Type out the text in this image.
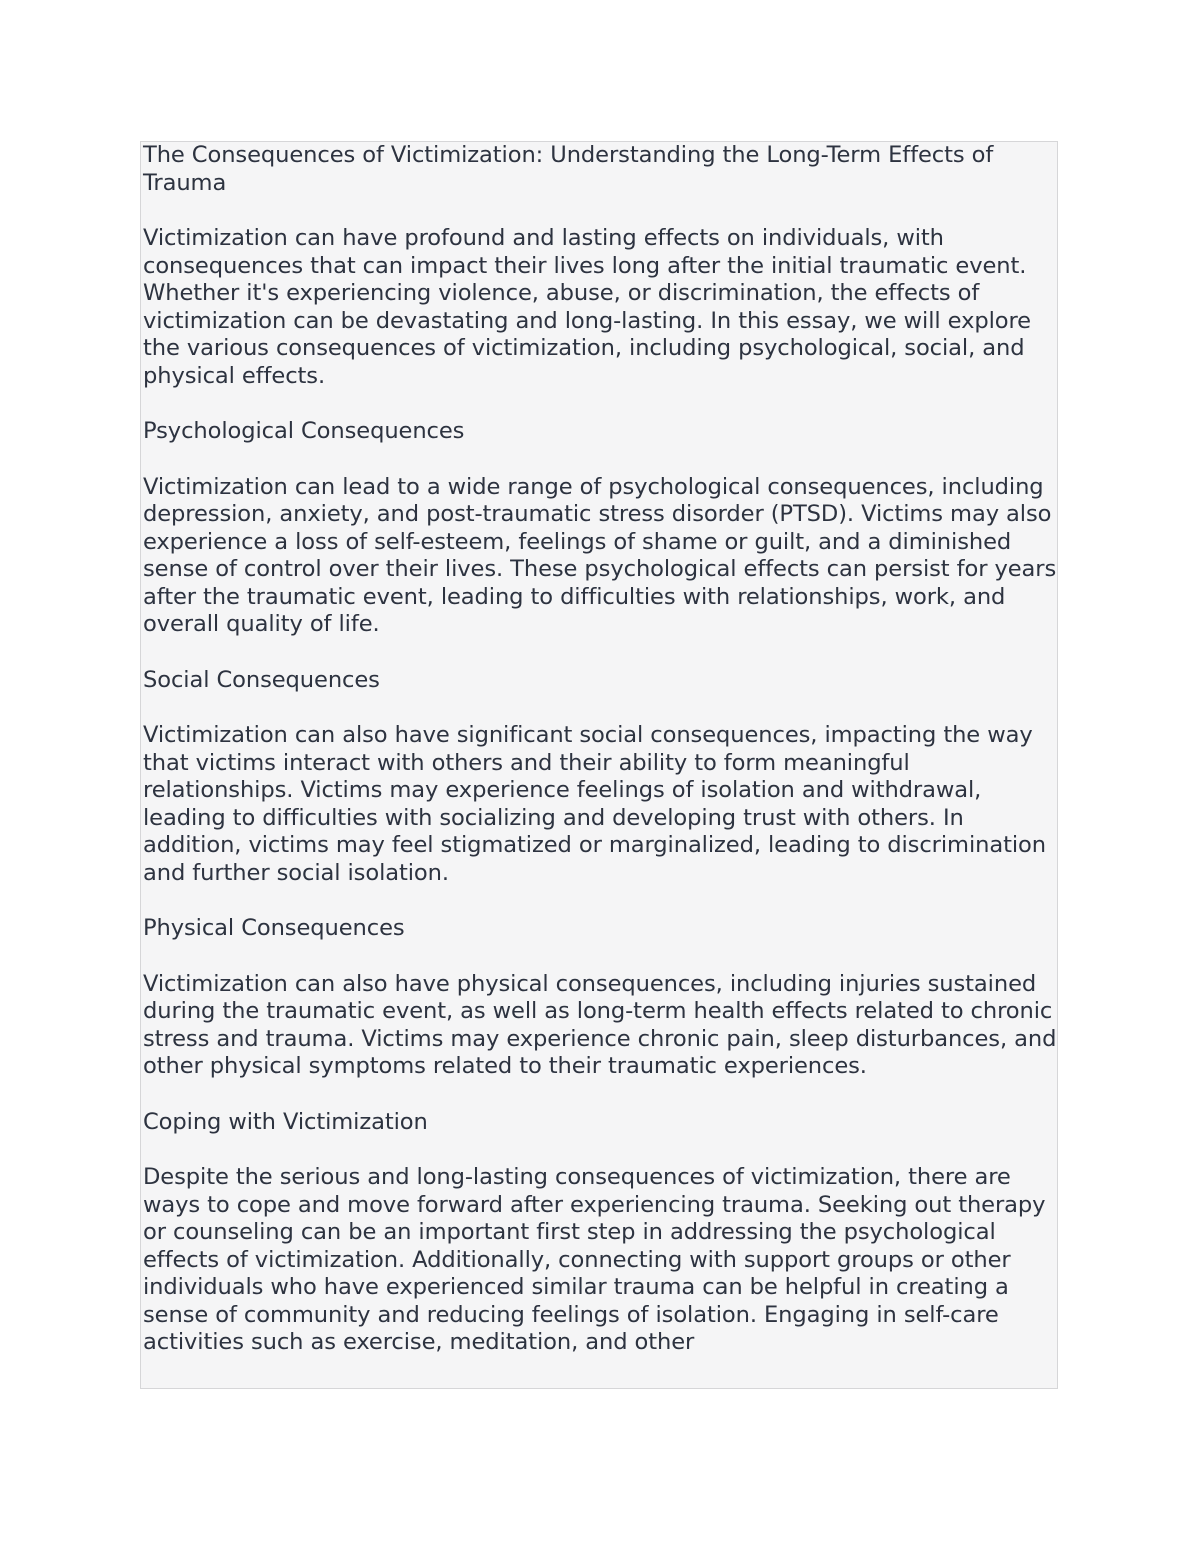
The Consequences of Victimization: Understanding the Long-Term Effects of Trauma

Victimization can have profound and lasting effects on individuals, with consequences that can impact their lives long after the initial traumatic event. Whether it's experiencing violence, abuse, or discrimination, the effects of victimization can be devastating and long-lasting. In this essay, we will explore the various consequences of victimization, including psychological, social, and physical effects.

Psychological Consequences

Victimization can lead to a wide range of psychological consequences, including depression, anxiety, and post-traumatic stress disorder (PTSD). Victims may also experience a loss of self-esteem, feelings of shame or guilt, and a diminished sense of control over their lives. These psychological effects can persist for years after the traumatic event, leading to difficulties with relationships, work, and overall quality of life.

Social Consequences

Victimization can also have significant social consequences, impacting the way that victims interact with others and their ability to form meaningful relationships. Victims may experience feelings of isolation and withdrawal, leading to difficulties with socializing and developing trust with others. In addition, victims may feel stigmatized or marginalized, leading to discrimination and further social isolation.

Physical Consequences

Victimization can also have physical consequences, including injuries sustained during the traumatic event, as well as long-term health effects related to chronic stress and trauma. Victims may experience chronic pain, sleep disturbances, and other physical symptoms related to their traumatic experiences.

Coping with Victimization

Despite the serious and long-lasting consequences of victimization, there are ways to cope and move forward after experiencing trauma. Seeking out therapy or counseling can be an important first step in addressing the psychological effects of victimization. Additionally, connecting with support groups or other individuals who have experienced similar trauma can be helpful in creating a sense of community and reducing feelings of isolation. Engaging in self-care activities such as exercise, meditation, and other
